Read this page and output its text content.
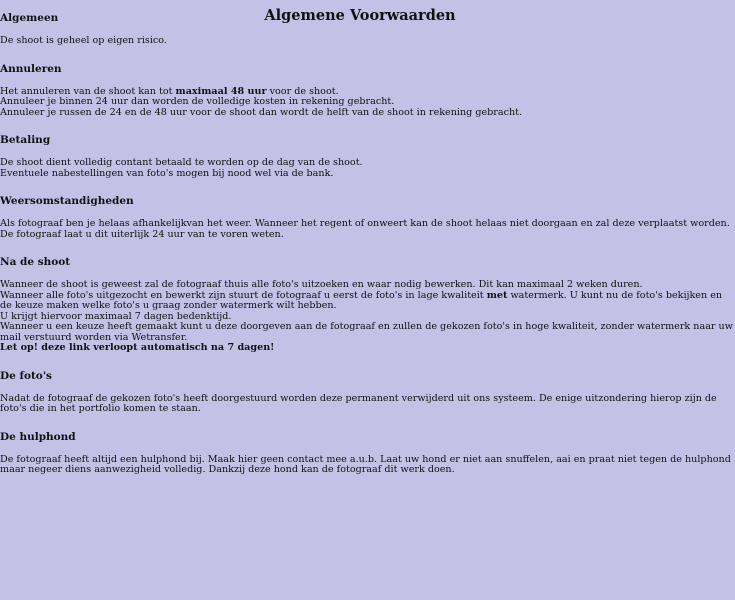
Algemene Voorwaarden
Algemeen
De shoot is geheel op eigen risico.
Annuleren
Het annuleren van de shoot kan tot maximaal 48 uur voor de shoot.
Annuleer je binnen 24 uur dan worden de volledige kosten in rekening gebracht.
Annuleer je russen de 24 en de 48 uur voor de shoot dan wordt de helft van de shoot in rekening gebracht.
Betaling
De shoot dient volledig contant betaald te worden op de dag van de shoot.
Eventuele nabestellingen van foto's mogen bij nood wel via de bank.
Weersomstandigheden
Als fotograaf ben je helaas afhankelijkvan het weer. Wanneer het regent of onweert kan de shoot helaas niet doorgaan en zal deze verplaatst worden. De fotograaf laat u dit uiterlijk 24 uur van te voren weten.
Na de shoot
Wanneer de shoot is geweest zal de fotograaf thuis alle foto's uitzoeken en waar nodig bewerken. Dit kan maximaal 2 weken duren.
Wanneer alle foto's uitgezocht en bewerkt zijn stuurt de fotograaf u eerst de foto's in lage kwaliteit met watermerk. U kunt nu de foto's bekijken en de keuze maken welke foto's u graag zonder watermerk wilt hebben.
U krijgt hiervoor maximaal 7 dagen bedenktijd.
Wanneer u een keuze heeft gemaakt kunt u deze doorgeven aan de fotograaf en zullen de gekozen foto's in hoge kwaliteit, zonder watermerk naar uw mail verstuurd worden via Wetransfer.
Let op! deze link verloopt automatisch na 7 dagen!
De foto's
Nadat de fotograaf de gekozen foto's heeft doorgestuurd worden deze permanent verwijderd uit ons systeem. De enige uitzondering hierop zijn de foto's die in het portfolio komen te staan.
De hulphond
De fotograaf heeft altijd een hulphond bij. Maak hier geen contact mee a.u.b. Laat uw hond er niet aan snuffelen, aai en praat niet tegen de hulphond maar negeer diens aanwezigheid volledig. Dankzij deze hond kan de fotograaf dit werk doen.
